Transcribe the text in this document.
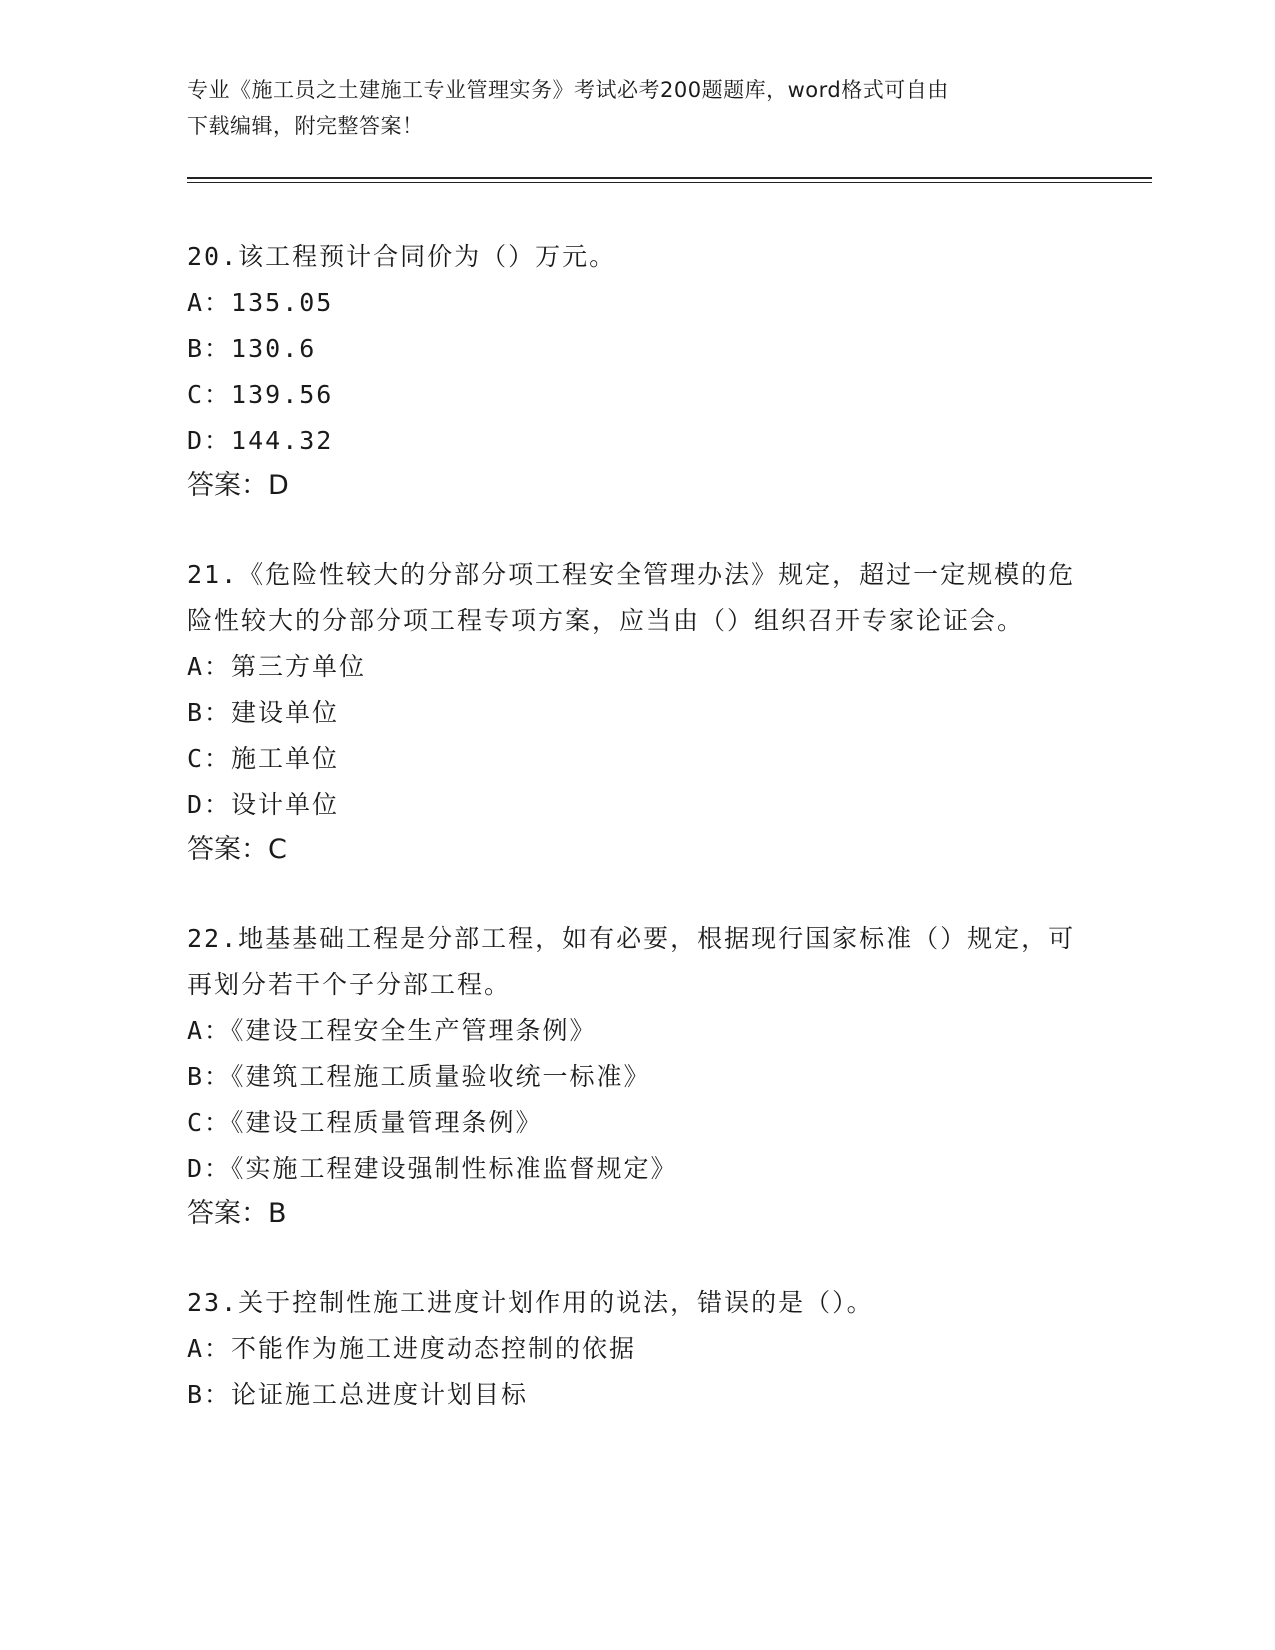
专业《施工员之土建施工专业管理实务》考试必考200题题库，word格式可自由
下载编辑，附完整答案！
20.该工程预计合同价为（）万元。
A：135.05
B：130.6
C：139.56
D：144.32
答案：D
21.《危险性较大的分部分项工程安全管理办法》规定，超过一定规模的危险性较大的分部分项工程专项方案，应当由（）组织召开专家论证会。
A：第三方单位
B：建设单位
C：施工单位
D：设计单位
答案：C
22.地基基础工程是分部工程，如有必要，根据现行国家标准（）规定，可再划分若干个子分部工程。
A：《建设工程安全生产管理条例》
B：《建筑工程施工质量验收统一标准》
C：《建设工程质量管理条例》
D：《实施工程建设强制性标准监督规定》
答案：B
23.关于控制性施工进度计划作用的说法，错误的是（）。
A：不能作为施工进度动态控制的依据
B：论证施工总进度计划目标
